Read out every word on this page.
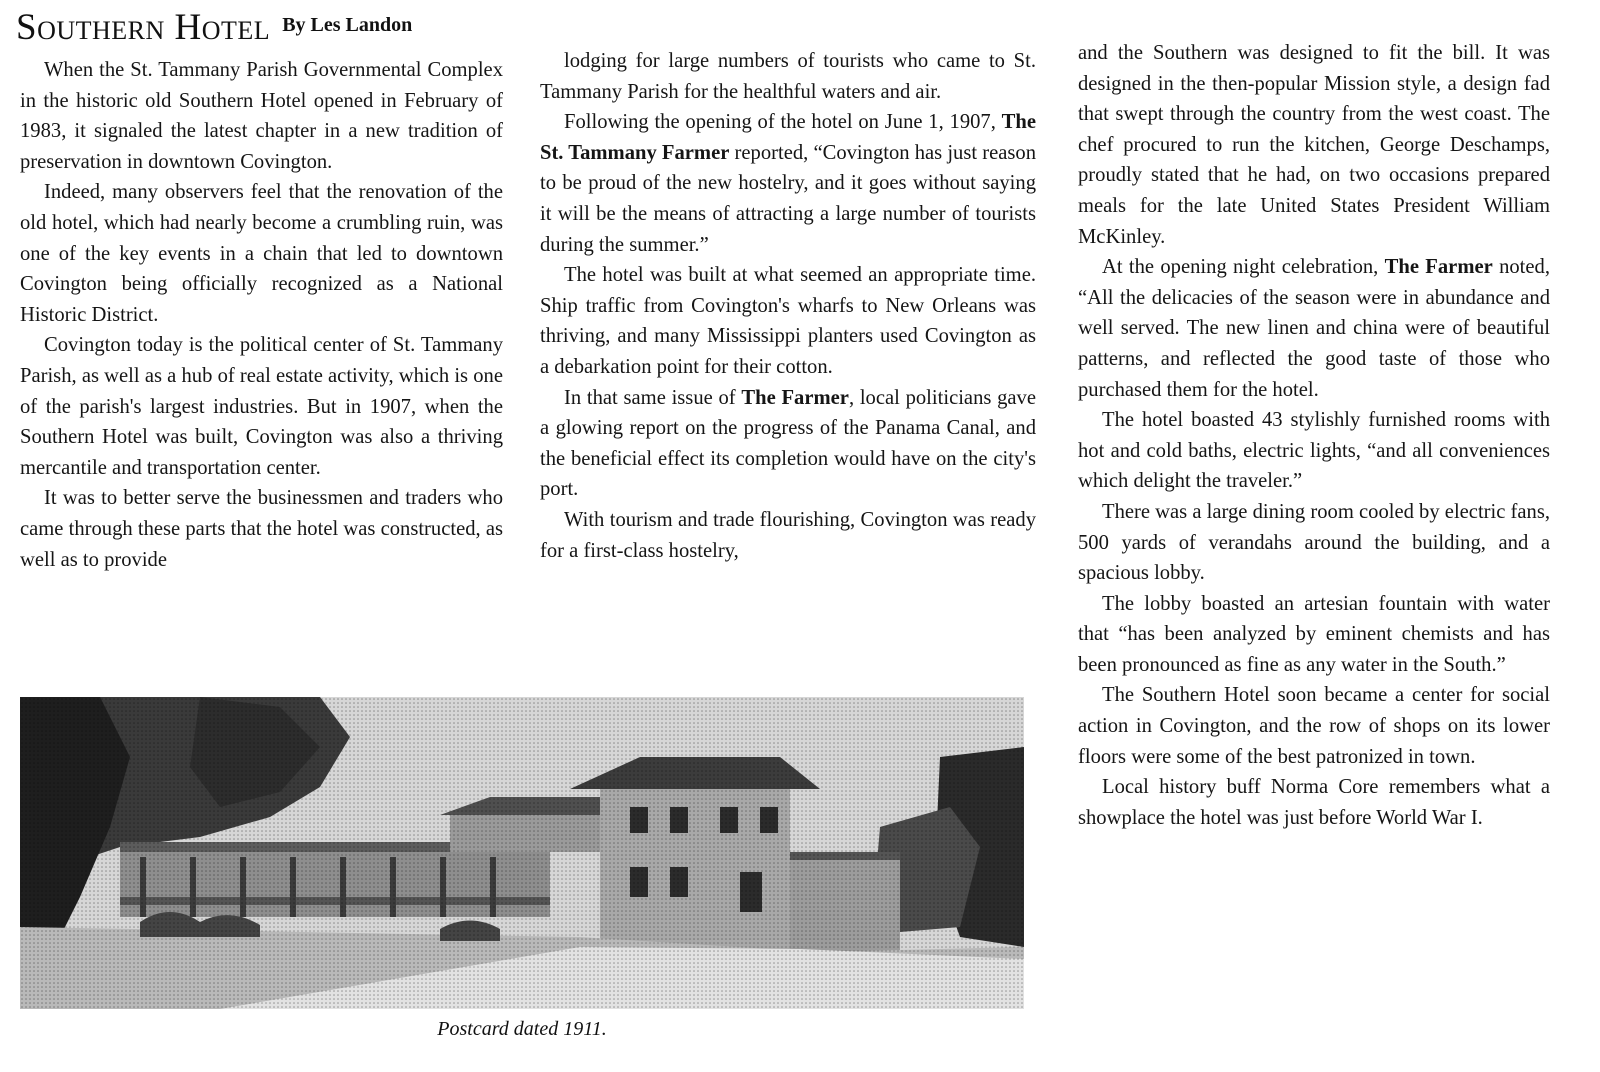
Southern Hotel By Les Landon

When the St. Tammany Parish Governmental Complex in the historic old Southern Hotel opened in February of 1983, it signaled the latest chapter in a new tradition of preservation in downtown Covington.

Indeed, many observers feel that the renovation of the old hotel, which had nearly become a crumbling ruin, was one of the key events in a chain that led to downtown Covington being officially recognized as a National Historic District.

Covington today is the political center of St. Tammany Parish, as well as a hub of real estate activity, which is one of the parish's largest industries. But in 1907, when the Southern Hotel was built, Covington was also a thriving mercantile and transportation center.

It was to better serve the businessmen and traders who came through these parts that the hotel was constructed, as well as to provide

lodging for large numbers of tourists who came to St. Tammany Parish for the healthful waters and air.

Following the opening of the hotel on June 1, 1907, The St. Tammany Farmer reported, “Covington has just reason to be proud of the new hostelry, and it goes without saying it will be the means of attracting a large number of tourists during the summer.”

The hotel was built at what seemed an appropriate time. Ship traffic from Covington's wharfs to New Orleans was thriving, and many Mississippi planters used Covington as a debarkation point for their cotton.

In that same issue of The Farmer, local politicians gave a glowing report on the progress of the Panama Canal, and the beneficial effect its completion would have on the city's port.

With tourism and trade flourishing, Covington was ready for a first-class hostelry,

and the Southern was designed to fit the bill. It was designed in the then-popular Mission style, a design fad that swept through the country from the west coast. The chef procured to run the kitchen, George Deschamps, proudly stated that he had, on two occasions prepared meals for the late United States President William McKinley.

At the opening night celebration, The Farmer noted, “All the delicacies of the season were in abundance and well served. The new linen and china were of beautiful patterns, and reflected the good taste of those who purchased them for the hotel.

The hotel boasted 43 stylishly furnished rooms with hot and cold baths, electric lights, “and all conveniences which delight the traveler.”

There was a large dining room cooled by electric fans, 500 yards of verandahs around the building, and a spacious lobby.

The lobby boasted an artesian fountain with water that “has been analyzed by eminent chemists and has been pronounced as fine as any water in the South.”

The Southern Hotel soon became a center for social action in Covington, and the row of shops on its lower floors were some of the best patronized in town.

Local history buff Norma Core remembers what a showplace the hotel was just before World War I.

Postcard dated 1911.
